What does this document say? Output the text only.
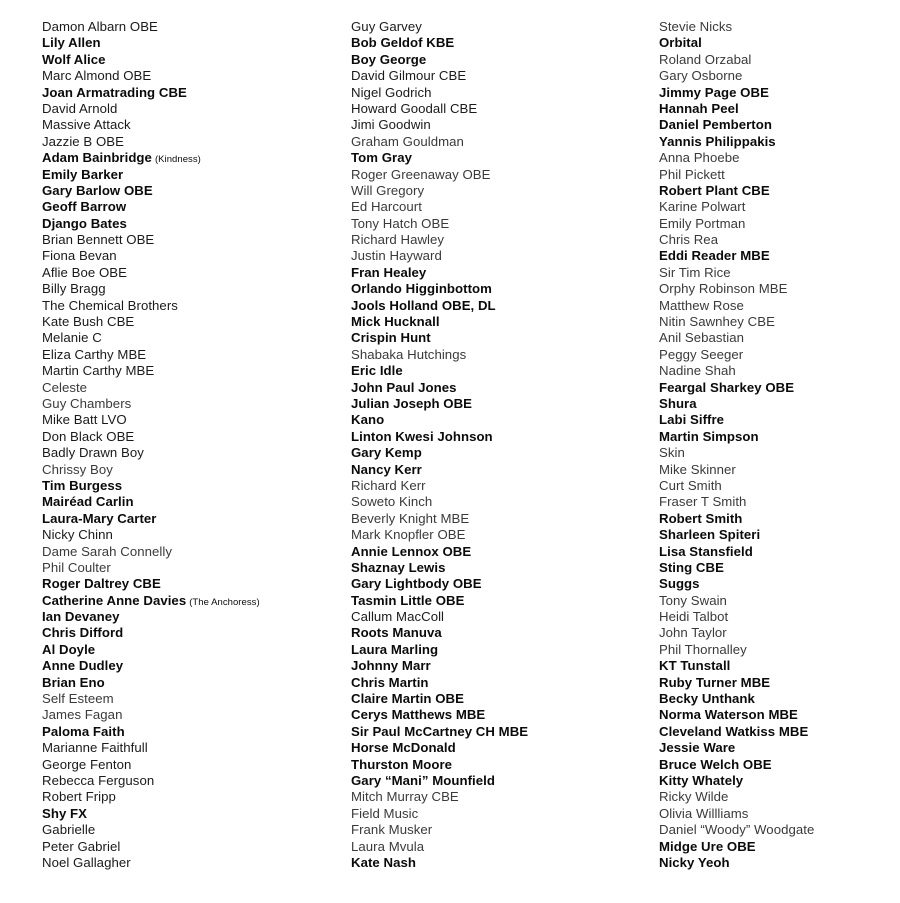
Damon Albarn OBE
Lily Allen
Wolf Alice
Marc Almond OBE
Joan Armatrading CBE
David Arnold
Massive Attack
Jazzie B OBE
Adam Bainbridge (Kindness)
Emily Barker
Gary Barlow OBE
Geoff Barrow
Django Bates
Brian Bennett OBE
Fiona Bevan
Aflie Boe OBE
Billy Bragg
The Chemical Brothers
Kate Bush CBE
Melanie C
Eliza Carthy MBE
Martin Carthy MBE
Celeste
Guy Chambers
Mike Batt LVO
Don Black OBE
Badly Drawn Boy
Chrissy Boy
Tim Burgess
Mairéad Carlin
Laura-Mary Carter
Nicky Chinn
Dame Sarah Connelly
Phil Coulter
Roger Daltrey CBE
Catherine Anne Davies (The Anchoress)
Ian Devaney
Chris Difford
Al Doyle
Anne Dudley
Brian Eno
Self Esteem
James Fagan
Paloma Faith
Marianne Faithfull
George Fenton
Rebecca Ferguson
Robert Fripp
Shy FX
Gabrielle
Peter Gabriel
Noel Gallagher
Guy Garvey
Bob Geldof KBE
Boy George
David Gilmour CBE
Nigel Godrich
Howard Goodall CBE
Jimi Goodwin
Graham Gouldman
Tom Gray
Roger Greenaway OBE
Will Gregory
Ed Harcourt
Tony Hatch OBE
Richard Hawley
Justin Hayward
Fran Healey
Orlando Higginbottom
Jools Holland OBE, DL
Mick Hucknall
Crispin Hunt
Shabaka Hutchings
Eric Idle
John Paul Jones
Julian Joseph OBE
Kano
Linton Kwesi Johnson
Gary Kemp
Nancy Kerr
Richard Kerr
Soweto Kinch
Beverly Knight MBE
Mark Knopfler OBE
Annie Lennox OBE
Shaznay Lewis
Gary Lightbody OBE
Tasmin Little OBE
Callum MacColl
Roots Manuva
Laura Marling
Johnny Marr
Chris Martin
Claire Martin OBE
Cerys Matthews MBE
Sir Paul McCartney CH MBE
Horse McDonald
Thurston Moore
Gary “Mani” Mounfield
Mitch Murray CBE
Field Music
Frank Musker
Laura Mvula
Kate Nash
Stevie Nicks
Orbital
Roland Orzabal
Gary Osborne
Jimmy Page OBE
Hannah Peel
Daniel Pemberton
Yannis Philippakis
Anna Phoebe
Phil Pickett
Robert Plant CBE
Karine Polwart
Emily Portman
Chris Rea
Eddi Reader MBE
Sir Tim Rice
Orphy Robinson MBE
Matthew Rose
Nitin Sawnhey CBE
Anil Sebastian
Peggy Seeger
Nadine Shah
Feargal Sharkey OBE
Shura
Labi Siffre
Martin Simpson
Skin
Mike Skinner
Curt Smith
Fraser T Smith
Robert Smith
Sharleen Spiteri
Lisa Stansfield
Sting CBE
Suggs
Tony Swain
Heidi Talbot
John Taylor
Phil Thornalley
KT Tunstall
Ruby Turner MBE
Becky Unthank
Norma Waterson MBE
Cleveland Watkiss MBE
Jessie Ware
Bruce Welch OBE
Kitty Whately
Ricky Wilde
Olivia Willliams
Daniel “Woody” Woodgate
Midge Ure OBE
Nicky Yeoh
